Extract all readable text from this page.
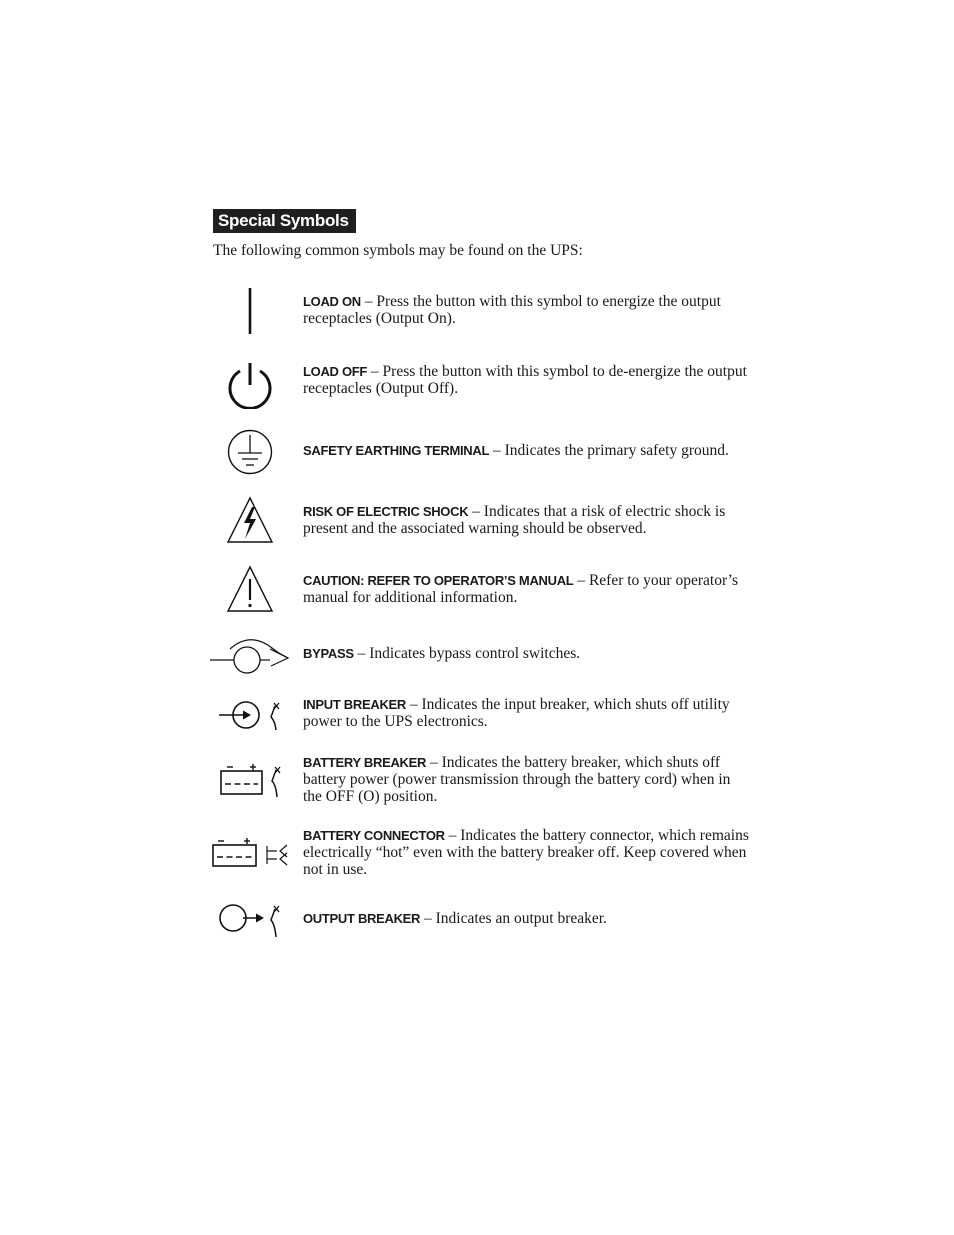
Special Symbols
The following common symbols may be found on the UPS:
LOAD ON – Press the button with this symbol to energize the output receptacles (Output On).
LOAD OFF – Press the button with this symbol to de-energize the output receptacles (Output Off).
SAFETY EARTHING TERMINAL – Indicates the primary safety ground.
RISK OF ELECTRIC SHOCK – Indicates that a risk of electric shock is present and the associated warning should be observed.
CAUTION: REFER TO OPERATOR’S MANUAL – Refer to your operator’s manual for additional information.
BYPASS – Indicates bypass control switches.
INPUT BREAKER – Indicates the input breaker, which shuts off utility power to the UPS electronics.
BATTERY BREAKER – Indicates the battery breaker, which shuts off battery power (power transmission through the battery cord) when in the OFF (O) position.
BATTERY CONNECTOR – Indicates the battery connector, which remains electrically “hot” even with the battery breaker off. Keep covered when not in use.
OUTPUT BREAKER – Indicates an output breaker.
